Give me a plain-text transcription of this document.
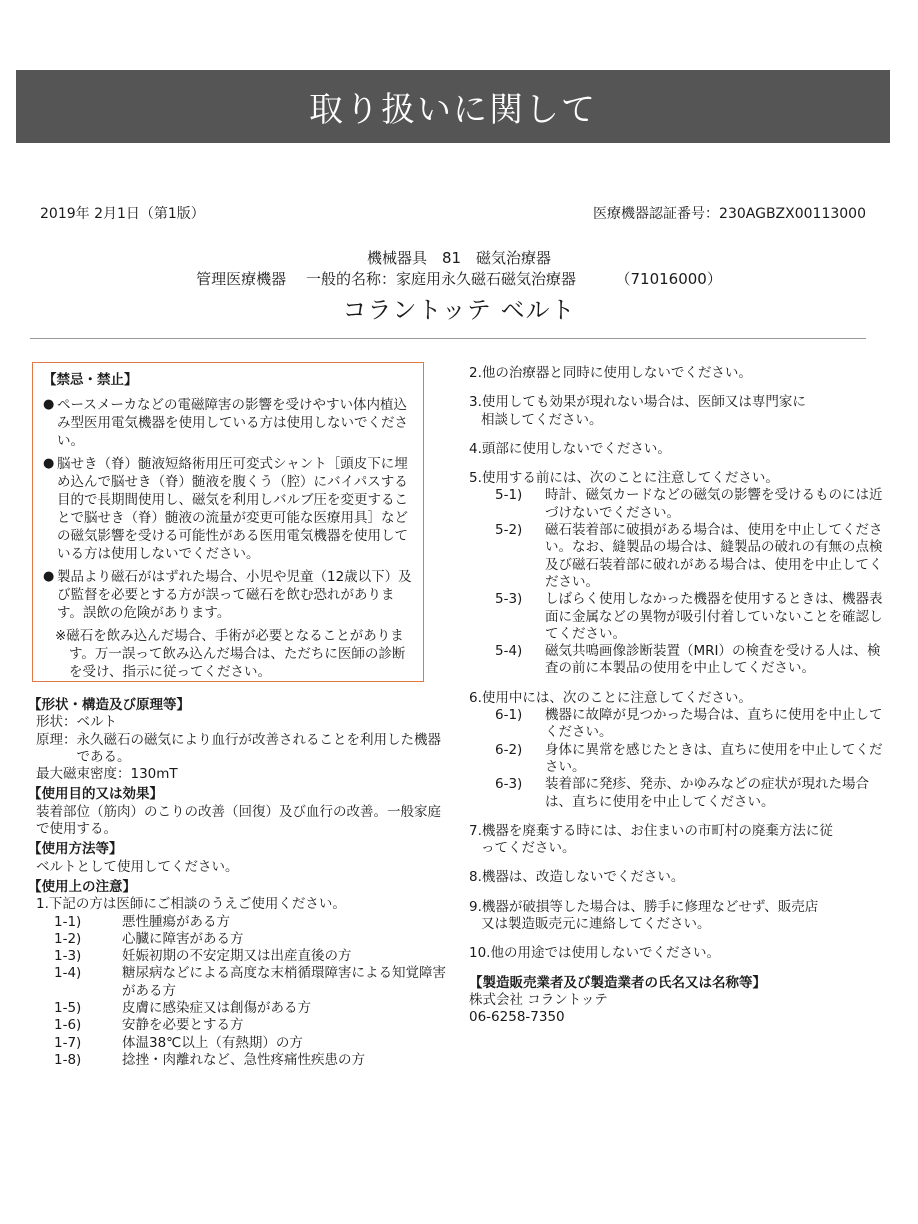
取り扱いに関して
2019年 2月1日（第1版）	医療機器認証番号：230AGBZX00113000
機械器具　81　磁気治療器
管理医療機器　 一般的名称：家庭用永久磁石磁気治療器　　  （71016000）
コラントッテ ベルト
【禁忌・禁止】
● ペースメーカなどの電磁障害の影響を受けやすい体内植込み型医用電気機器を使用している方は使用しないでください。
● 脳せき（脊）髄液短絡術用圧可変式シャント［頭皮下に埋め込んで脳せき（脊）髄液を腹くう（腔）にバイパスする目的で長期間使用し、磁気を利用しバルブ圧を変更することで脳せき（脊）髄液の流量が変更可能な医療用具］などの磁気影響を受ける可能性がある医用電気機器を使用している方は使用しないでください。
● 製品より磁石がはずれた場合、小児や児童（12歳以下）及び監督を必要とする方が誤って磁石を飲む恐れがあります。誤飲の危険があります。
※磁石を飲み込んだ場合、手術が必要となることがあります。万一誤って飲み込んだ場合は、ただちに医師の診断を受け、指示に従ってください。
【形状・構造及び原理等】
形状： ベルト
原理： 永久磁石の磁気により血行が改善されることを利用した機器である。
最大磁束密度：130mT
【使用目的又は効果】
装着部位（筋肉）のこりの改善（回復）及び血行の改善。一般家庭で使用する。
【使用方法等】
ベルトとして使用してください。
【使用上の注意】
1.下記の方は医師にご相談のうえご使用ください。
1-1)	悪性腫瘍がある方
1-2)	心臓に障害がある方
1-3)	妊娠初期の不安定期又は出産直後の方
1-4)	糖尿病などによる高度な末梢循環障害による知覚障害がある方
1-5)	皮膚に感染症又は創傷がある方
1-6)	安静を必要とする方
1-7)	体温38℃以上（有熱期）の方
1-8)	捻挫・肉離れなど、急性疼痛性疾患の方
2.他の治療器と同時に使用しないでください。
3.使用しても効果が現れない場合は、医師又は専門家に
相談してください。
4.頭部に使用しないでください。
5.使用する前には、次のことに注意してください。
5-1)	時計、磁気カードなどの磁気の影響を受けるものには近づけないでください。
5-2)	磁石装着部に破損がある場合は、使用を中止してください。なお、縫製品の場合は、縫製品の破れの有無の点検及び磁石装着部に破れがある場合は、使用を中止してください。
5-3)	しばらく使用しなかった機器を使用するときは、機器表面に金属などの異物が吸引付着していないことを確認してください。
5-4)	磁気共鳴画像診断装置（MRI）の検査を受ける人は、検査の前に本製品の使用を中止してください。
6.使用中には、次のことに注意してください。
6-1)	機器に故障が見つかった場合は、直ちに使用を中止してください。
6-2)	身体に異常を感じたときは、直ちに使用を中止してください。
6-3)	装着部に発疹、発赤、かゆみなどの症状が現れた場合は、直ちに使用を中止してください。
7.機器を廃棄する時には、お住まいの市町村の廃棄方法に従
ってください。
8.機器は、改造しないでください。
9.機器が破損等した場合は、勝手に修理などせず、販売店
又は製造販売元に連絡してください。
10.他の用途では使用しないでください。
【製造販売業者及び製造業者の氏名又は名称等】
株式会社 コラントッテ
06-6258-7350
